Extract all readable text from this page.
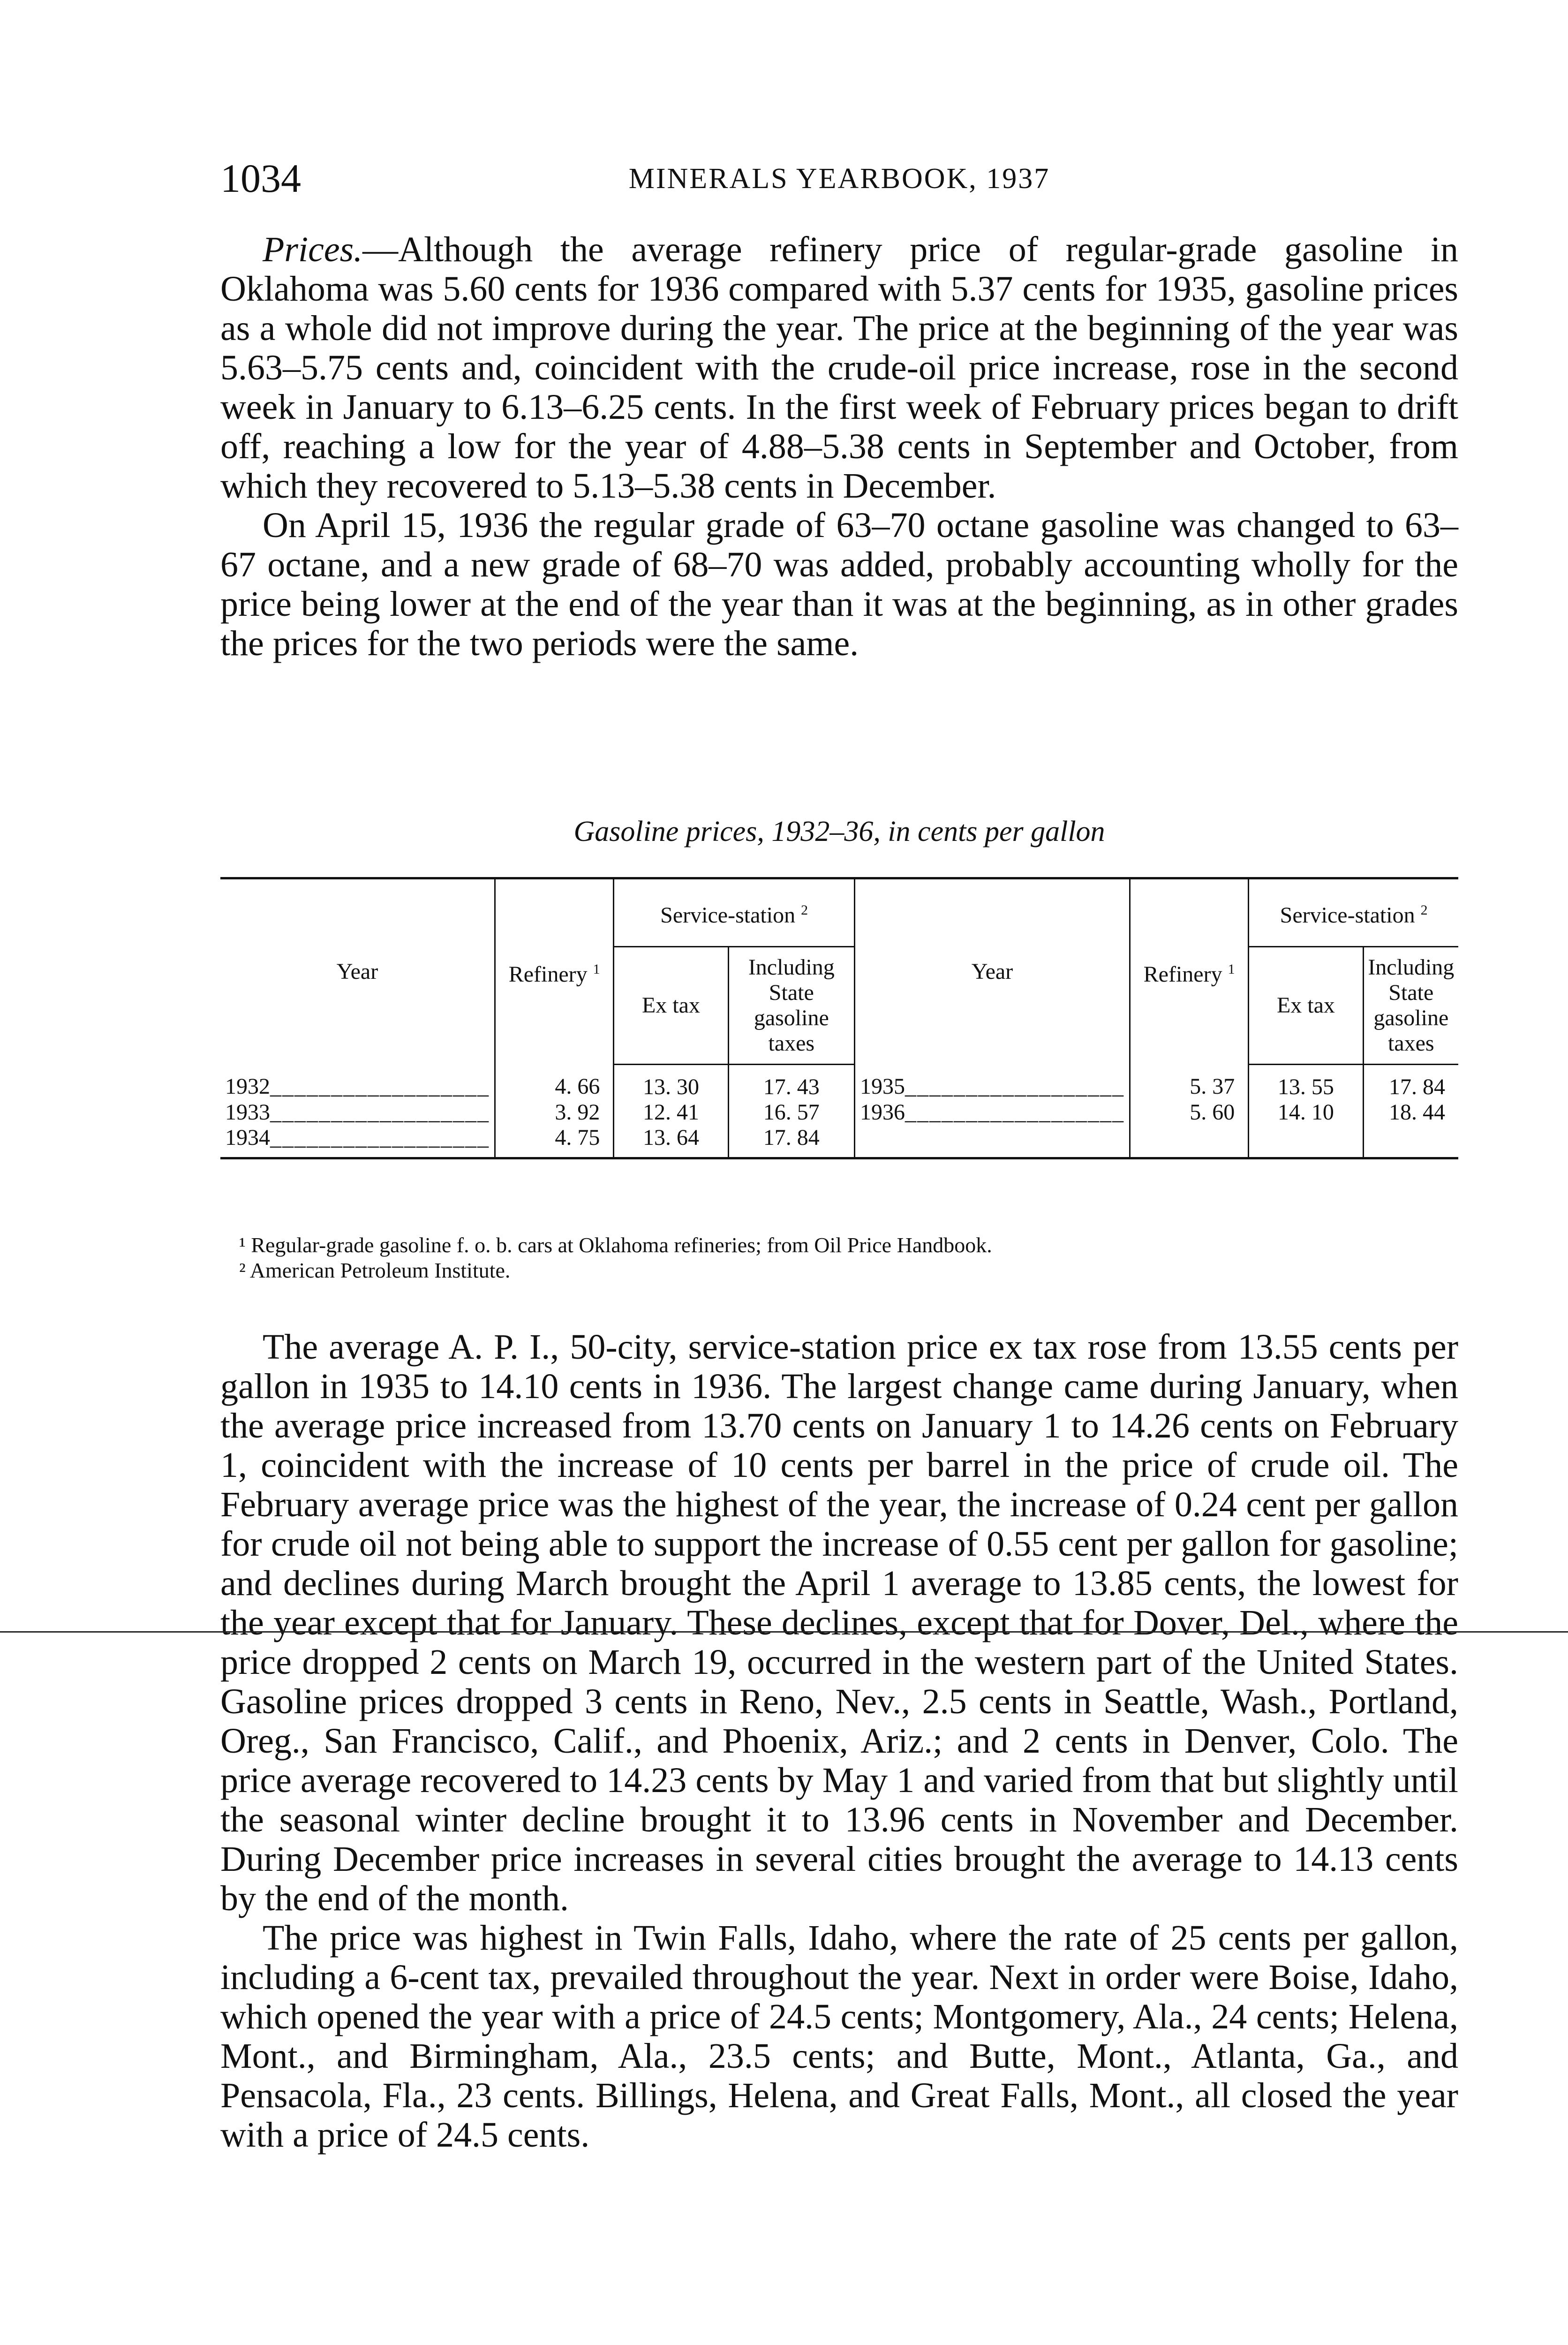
1034	MINERALS YEARBOOK, 1937

Prices.—Although the average refinery price of regular-grade gasoline in Oklahoma was 5.60 cents for 1936 compared with 5.37 cents for 1935, gasoline prices as a whole did not improve during the year. The price at the beginning of the year was 5.63–5.75 cents and, coincident with the crude-oil price increase, rose in the second week in January to 6.13–6.25 cents. In the first week of February prices began to drift off, reaching a low for the year of 4.88–5.38 cents in September and October, from which they recovered to 5.13–5.38 cents in December.

On April 15, 1936 the regular grade of 63–70 octane gasoline was changed to 63–67 octane, and a new grade of 68–70 was added, probably accounting wholly for the price being lower at the end of the year than it was at the beginning, as in other grades the prices for the two periods were the same.

Gasoline prices, 1932–36, in cents per gallon
Year	Refinery $^1$	Service-station $^2$		Year	Refinery $^1$	Service-station $^2$
		Ex tax	Including
State
gasoline
taxes			Ex tax	Including
State
gasoline
taxes
1932__________________	4. 66	13. 30	17. 43	1935__________________	5. 37	13. 55	17. 84
1933__________________	3. 92	12. 41	16. 57	1936__________________	5. 60	14. 10	18. 44
1934__________________	4. 75	13. 64	17. 84				
¹ Regular-grade gasoline f. o. b. cars at Oklahoma refineries; from Oil Price Handbook.
² American Petroleum Institute.

The average A. P. I., 50-city, service-station price ex tax rose from 13.55 cents per gallon in 1935 to 14.10 cents in 1936. The largest change came during January, when the average price increased from 13.70 cents on January 1 to 14.26 cents on February 1, coincident with the increase of 10 cents per barrel in the price of crude oil. The February average price was the highest of the year, the increase of 0.24 cent per gallon for crude oil not being able to support the increase of 0.55 cent per gallon for gasoline; and declines during March brought the April 1 average to 13.85 cents, the lowest for the year except that for January. These declines, except that for Dover, Del., where the price dropped 2 cents on March 19, occurred in the western part of the United States. Gasoline prices dropped 3 cents in Reno, Nev., 2.5 cents in Seattle, Wash., Portland, Oreg., San Francisco, Calif., and Phoenix, Ariz.; and 2 cents in Denver, Colo. The price average recovered to 14.23 cents by May 1 and varied from that but slightly until the seasonal winter decline brought it to 13.96 cents in November and December. During December price increases in several cities brought the average to 14.13 cents by the end of the month.

The price was highest in Twin Falls, Idaho, where the rate of 25 cents per gallon, including a 6-cent tax, prevailed throughout the year. Next in order were Boise, Idaho, which opened the year with a price of 24.5 cents; Montgomery, Ala., 24 cents; Helena, Mont., and Birmingham, Ala., 23.5 cents; and Butte, Mont., Atlanta, Ga., and Pensacola, Fla., 23 cents. Billings, Helena, and Great Falls, Mont., all closed the year with a price of 24.5 cents.
